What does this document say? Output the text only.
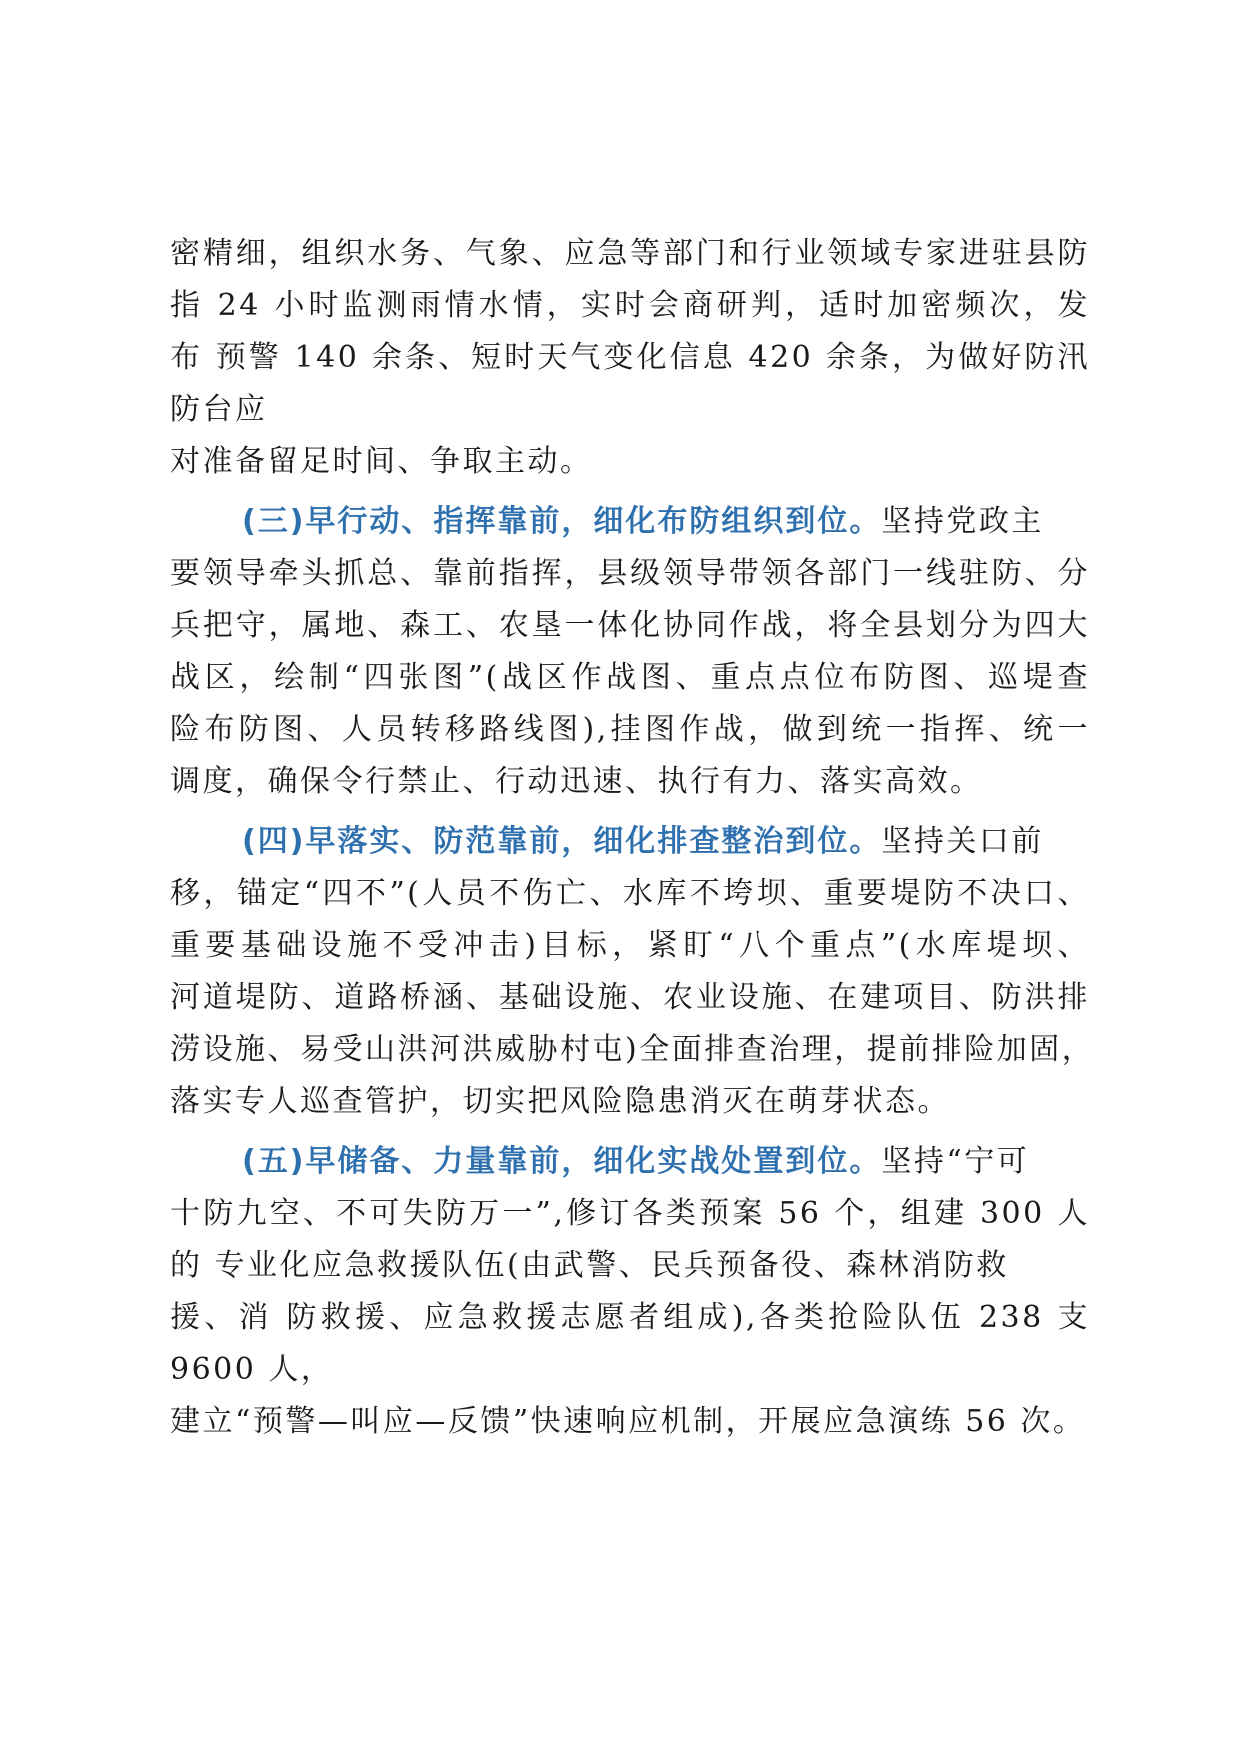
密精细，组织水务、气象、应急等部门和行业领域专家进驻县防
指 24 小时监测雨情水情，实时会商研判，适时加密频次，发
布 预警 140 余条、短时天气变化信息 420 余条，为做好防汛
防台应
对准备留足时间、争取主动。
(三)早行动、指挥靠前，细化布防组织到位。坚持党政主
要领导牵头抓总、靠前指挥，县级领导带领各部门一线驻防、分
兵把守，属地、森工、农垦一体化协同作战，将全县划分为四大
战区，绘制“四张图”(战区作战图、重点点位布防图、巡堤查
险布防图、人员转移路线图),挂图作战，做到统一指挥、统一
调度，确保令行禁止、行动迅速、执行有力、落实高效。
(四)早落实、防范靠前，细化排查整治到位。坚持关口前
移，锚定“四不”(人员不伤亡、水库不垮坝、重要堤防不决口、
重要基础设施不受冲击)目标，紧盯“八个重点”(水库堤坝、
河道堤防、道路桥涵、基础设施、农业设施、在建项目、防洪排
涝设施、易受山洪河洪威胁村屯)全面排查治理，提前排险加固，
落实专人巡查管护，切实把风险隐患消灭在萌芽状态。
(五)早储备、力量靠前，细化实战处置到位。坚持“宁可
十防九空、不可失防万一”,修订各类预案 56 个，组建 300 人
的 专业化应急救援队伍(由武警、民兵预备役、森林消防救
援、消 防救援、应急救援志愿者组成),各类抢险队伍 238 支
9600 人，
建立“预警—叫应—反馈”快速响应机制，开展应急演练 56 次。
